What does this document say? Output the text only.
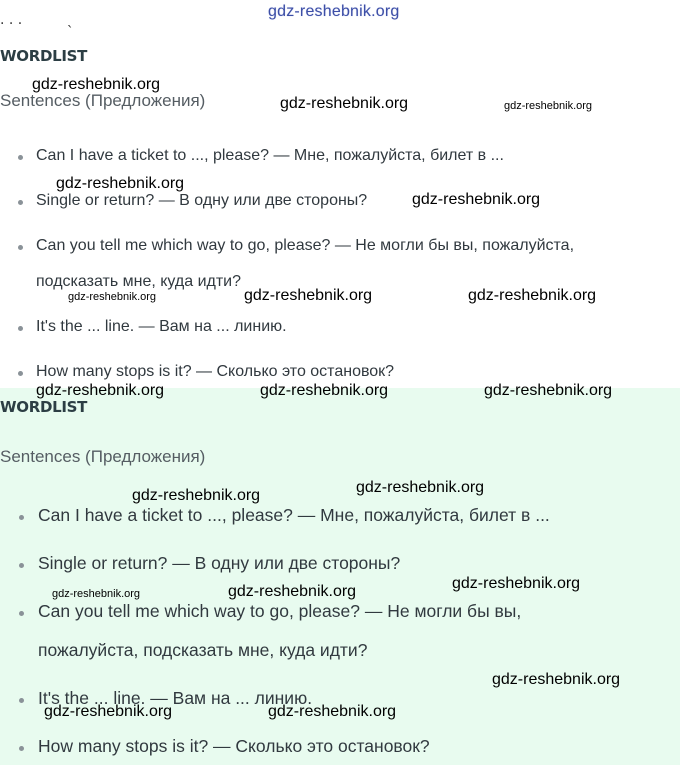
. . .          ˎ
WORDLIST

Sentences (Предложения)

Can I have a ticket to ..., please? — Мне, пожалуйста, билет в ...

Single or return? — В одну или две стороны?

Can you tell me which way to go, please? — Не могли бы вы, пожалуйста,

подсказать мне, куда идти?

It's the ... line. — Вам на ... линию.

How many stops is it? — Сколько это остановок?

WORDLIST

Sentences (Предложения)

Can I have a ticket to ..., please? — Мне, пожалуйста, билет в ...

Single or return? — В одну или две стороны?

Can you tell me which way to go, please? — Не могли бы вы,

пожалуйста, подсказать мне, куда идти?

It's the ... line. — Вам на ... линию.

How many stops is it? — Сколько это остановок?

gdz-reshebnik.org
gdz-reshebnik.org
gdz-reshebnik.org	gdz-reshebnik.org
gdz-reshebnik.org
gdz-reshebnik.org
gdz-reshebnik.org	gdz-reshebnik.org	gdz-reshebnik.org
gdz-reshebnik.org	gdz-reshebnik.org	gdz-reshebnik.org
gdz-reshebnik.org	gdz-reshebnik.org
gdz-reshebnik.org	gdz-reshebnik.org	gdz-reshebnik.org
gdz-reshebnik.org
gdz-reshebnik.org	gdz-reshebnik.org
